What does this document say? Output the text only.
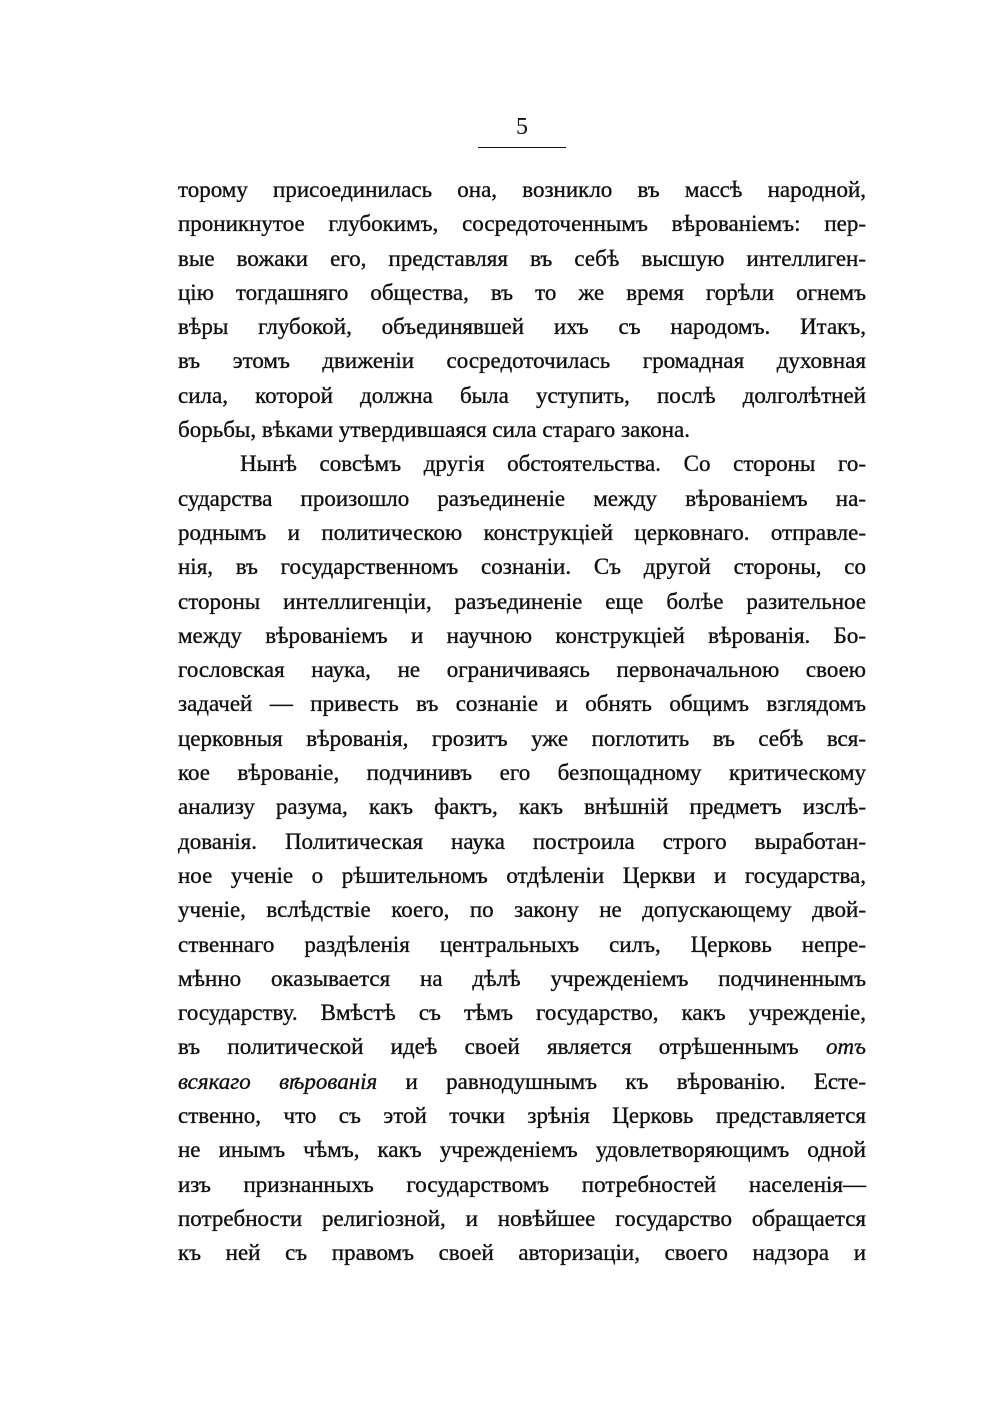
5
торому присоединилась она, возникло въ массѣ народной,
проникнутое глубокимъ, сосредоточеннымъ вѣрованіемъ: пер-
вые вожаки его, представляя въ себѣ высшую интеллиген-
цію тогдашняго общества, въ то же время горѣли огнемъ
вѣры глубокой, объединявшей ихъ съ народомъ. Итакъ,
въ этомъ движеніи сосредоточилась громадная духовная
сила, которой должна была уступить, послѣ долголѣтней
борьбы, вѣками утвердившаяся сила стараго закона.
Нынѣ совсѣмъ другія обстоятельства. Со стороны го-
сударства произошло разъединеніе между вѣрованіемъ на-
роднымъ и политическою конструкціей церковнаго. отправле-
нія, въ государственномъ сознаніи. Съ другой стороны, со
стороны интеллигенціи, разъединеніе еще болѣе разительное
между вѣрованіемъ и научною конструкціей вѣрованія. Бо-
гословская наука, не ограничиваясь первоначальною своею
задачей — привесть въ сознаніе и обнять общимъ взглядомъ
церковныя вѣрованія, грозитъ уже поглотить въ себѣ вся-
кое вѣрованіе, подчинивъ его безпощадному критическому
анализу разума, какъ фактъ, какъ внѣшній предметъ изслѣ-
дованія. Политическая наука построила строго выработан-
ное ученіе о рѣшительномъ отдѣленіи Церкви и государства,
ученіе, вслѣдствіе коего, по закону не допускающему двой-
ственнаго раздѣленія центральныхъ силъ, Церковь непре-
мѣнно оказывается на дѣлѣ учрежденіемъ подчиненнымъ
государству. Вмѣстѣ съ тѣмъ государство, какъ учрежденіе,
въ политической идеѣ своей является отрѣшеннымъ отъ
всякаго вѣрованія и равнодушнымъ къ вѣрованію. Есте-
ственно, что съ этой точки зрѣнія Церковь представляется
не инымъ чѣмъ, какъ учрежденіемъ удовлетворяющимъ одной
изъ признанныхъ государствомъ потребностей населенія—
потребности религіозной, и новѣйшее государство обращается
къ ней съ правомъ своей авторизаціи, своего надзора и
